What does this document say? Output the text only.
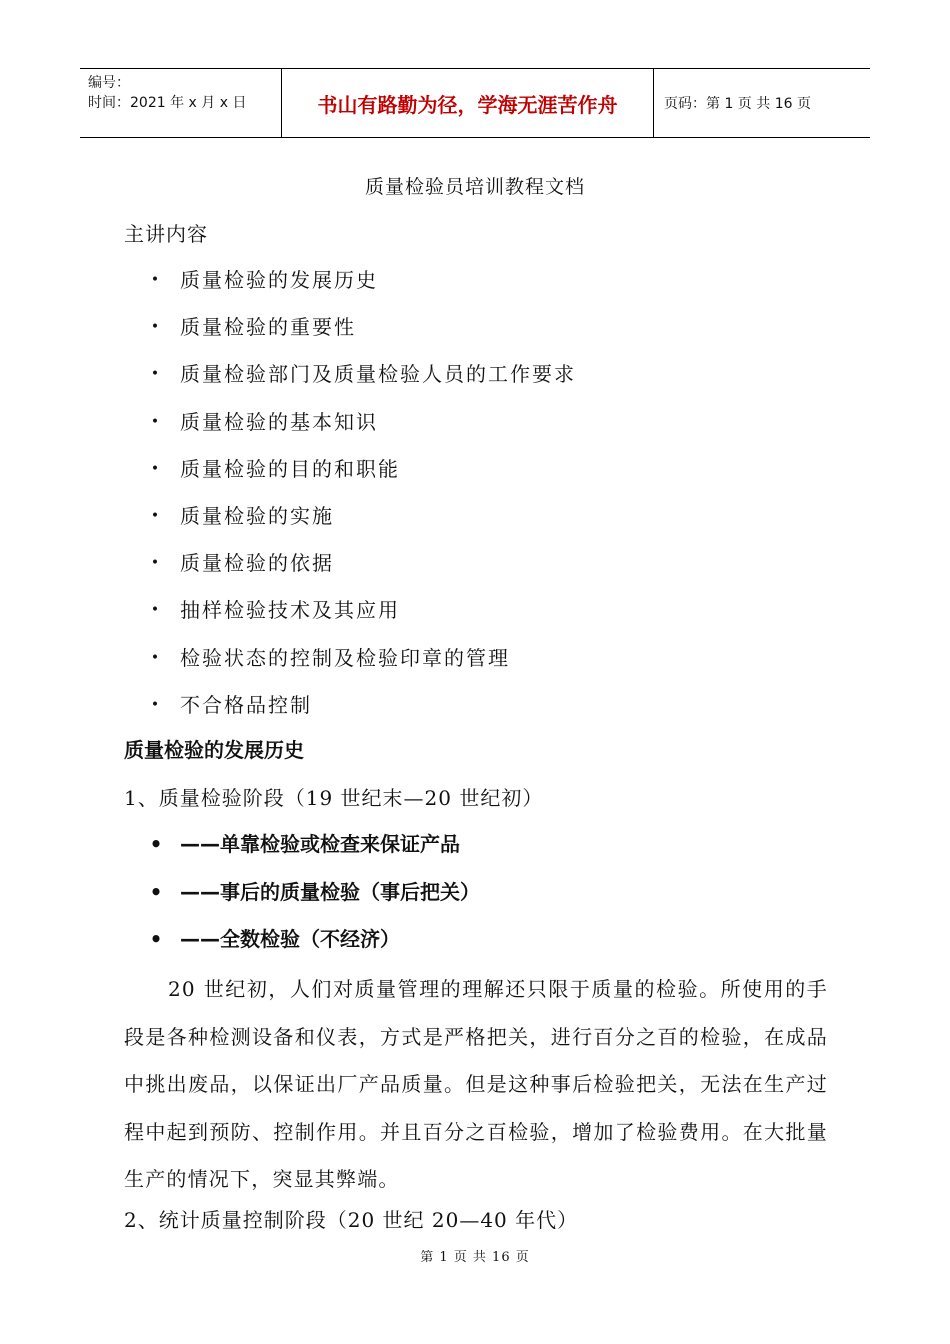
编号：
时间：2021 年 x 月 x 日	书山有路勤为径，学海无涯苦作舟	页码：第 1 页 共 16 页
质量检验员培训教程文档
主讲内容
• 质量检验的发展历史
• 质量检验的重要性
• 质量检验部门及质量检验人员的工作要求
• 质量检验的基本知识
• 质量检验的目的和职能
• 质量检验的实施
• 质量检验的依据
• 抽样检验技术及其应用
• 检验状态的控制及检验印章的管理
• 不合格品控制
质量检验的发展历史
1、质量检验阶段（19 世纪末—20 世纪初）
• ——单靠检验或检查来保证产品
• ——事后的质量检验（事后把关）
• ——全数检验（不经济）
20 世纪初，人们对质量管理的理解还只限于质量的检验。所使用的手段是各种检测设备和仪表，方式是严格把关，进行百分之百的检验，在成品中挑出废品，以保证出厂产品质量。但是这种事后检验把关，无法在生产过程中起到预防、控制作用。并且百分之百检验，增加了检验费用。在大批量生产的情况下，突显其弊端。
2、统计质量控制阶段（20 世纪 20—40 年代）
第 1 页 共 16 页
